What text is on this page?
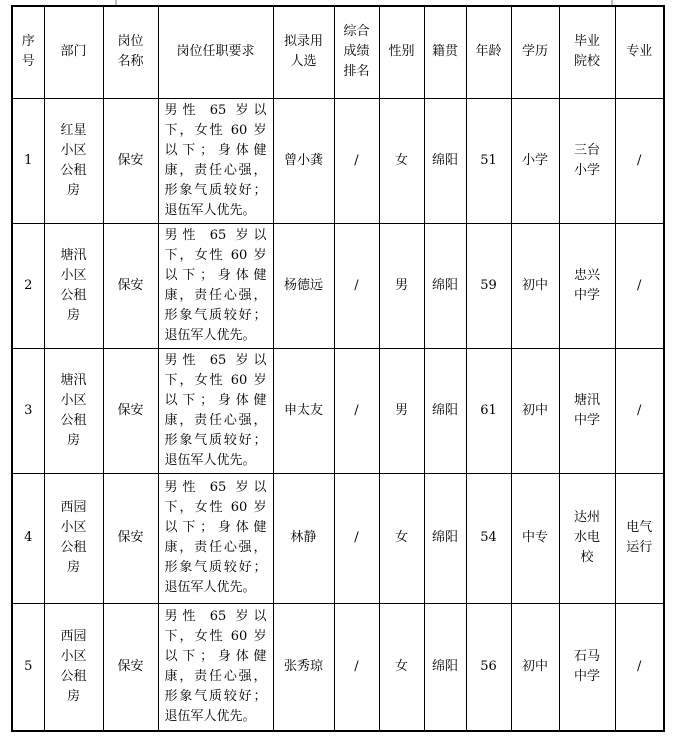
序号	部门	岗位名称	岗位任职要求	拟录用人选	综合成绩排名	性别	籍贯	年龄	学历	毕业院校	专业
1	红星小区公租房	保安	男性 65 岁以下，女性 60 岁以下；身体健康，责任心强，形象气质较好；退伍军人优先。	曾小龚	/	女	绵阳	51	小学	三台小学	/
2	塘汛小区公租房	保安	男性 65 岁以下，女性 60 岁以下；身体健康，责任心强，形象气质较好；退伍军人优先。	杨德远	/	男	绵阳	59	初中	忠兴中学	/
3	塘汛小区公租房	保安	男性 65 岁以下，女性 60 岁以下；身体健康，责任心强，形象气质较好；退伍军人优先。	申太友	/	男	绵阳	61	初中	塘汛中学	/
4	西园小区公租房	保安	男性 65 岁以下，女性 60 岁以下；身体健康，责任心强，形象气质较好；退伍军人优先。	林静	/	女	绵阳	54	中专	达州水电校	电气运行
5	西园小区公租房	保安	男性 65 岁以下，女性 60 岁以下；身体健康，责任心强，形象气质较好；退伍军人优先。	张秀琼	/	女	绵阳	56	初中	石马中学	/
